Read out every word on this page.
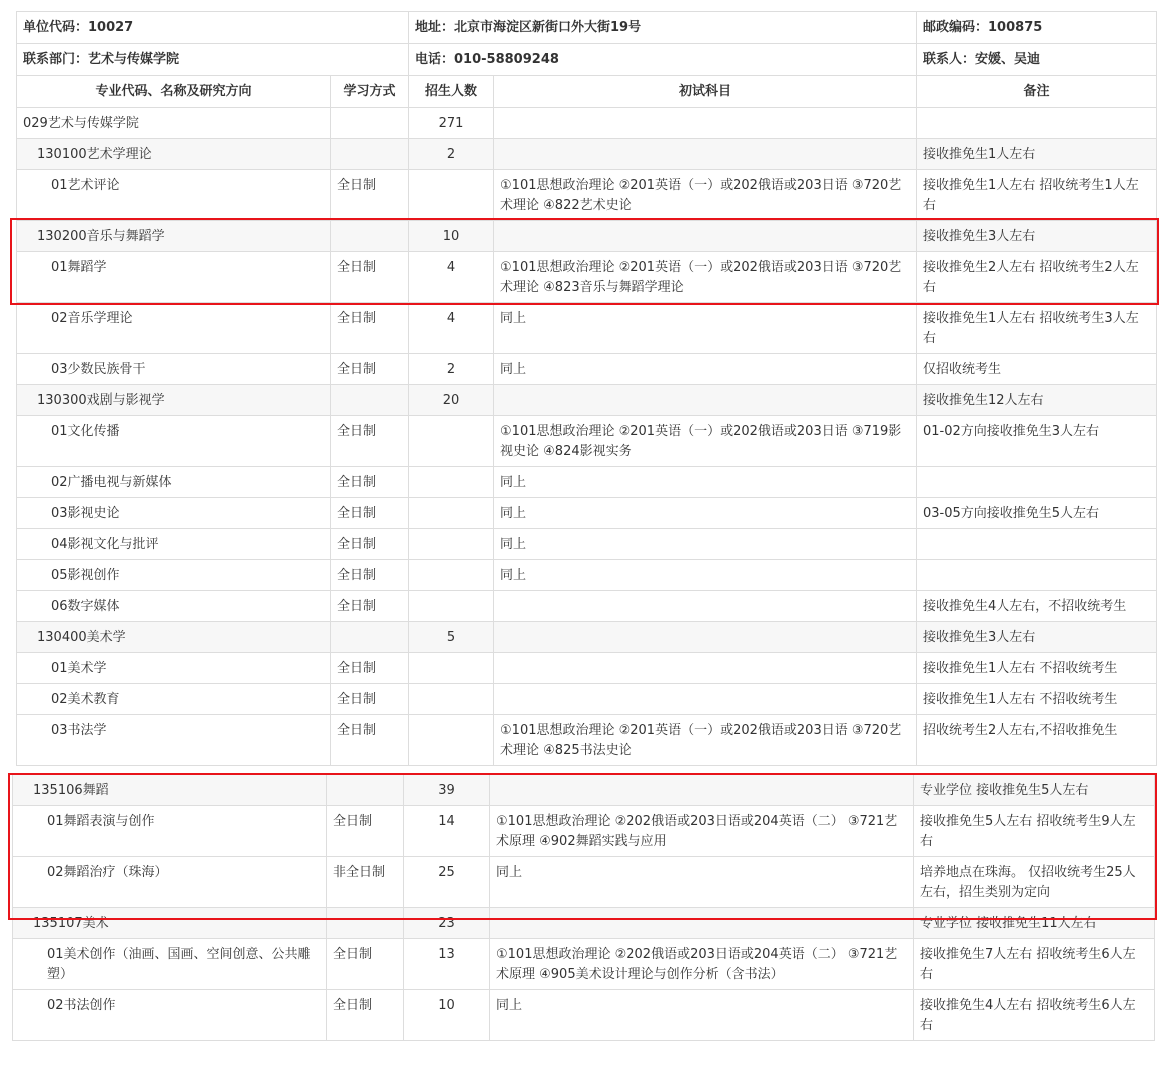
单位代码：10027		地址：北京市海淀区新街口外大街19号		邮政编码：100875
联系部门：艺术与传媒学院		电话：010-58809248		联系人：安媛、吴迪
专业代码、名称及研究方向	学习方式	招生人数	初试科目	备注
029艺术与传媒学院		271		
130100艺术学理论		2		接收推免生1人左右
01艺术评论	全日制		①101思想政治理论 ②201英语（一）或202俄语或203日语 ③720艺术理论 ④822艺术史论	接收推免生1人左右 招收统考生1人左右
130200音乐与舞蹈学		10		接收推免生3人左右
01舞蹈学	全日制	4	①101思想政治理论 ②201英语（一）或202俄语或203日语 ③720艺术理论 ④823音乐与舞蹈学理论	接收推免生2人左右 招收统考生2人左右
02音乐学理论	全日制	4	同上	接收推免生1人左右 招收统考生3人左右
03少数民族骨干	全日制	2	同上	仅招收统考生
130300戏剧与影视学		20		接收推免生12人左右
01文化传播	全日制		①101思想政治理论 ②201英语（一）或202俄语或203日语 ③719影视史论 ④824影视实务	01-02方向接收推免生3人左右
02广播电视与新媒体	全日制		同上	
03影视史论	全日制		同上	03-05方向接收推免生5人左右
04影视文化与批评	全日制		同上	
05影视创作	全日制		同上	
06数字媒体	全日制			接收推免生4人左右，不招收统考生
130400美术学		5		接收推免生3人左右
01美术学	全日制			接收推免生1人左右 不招收统考生
02美术教育	全日制			接收推免生1人左右 不招收统考生
03书法学	全日制		①101思想政治理论 ②201英语（一）或202俄语或203日语 ③720艺术理论 ④825书法史论	招收统考生2人左右,不招收推免生
135106舞蹈		39		专业学位 接收推免生5人左右
01舞蹈表演与创作	全日制	14	①101思想政治理论 ②202俄语或203日语或204英语（二） ③721艺术原理 ④902舞蹈实践与应用	接收推免生5人左右 招收统考生9人左右
02舞蹈治疗（珠海）	非全日制	25	同上	培养地点在珠海。 仅招收统考生25人左右，招生类别为定向
135107美术		23		专业学位 接收推免生11人左右
01美术创作（油画、国画、空间创意、公共雕塑）	全日制	13	①101思想政治理论 ②202俄语或203日语或204英语（二） ③721艺术原理 ④905美术设计理论与创作分析（含书法）	接收推免生7人左右 招收统考生6人左右
02书法创作	全日制	10	同上	接收推免生4人左右 招收统考生6人左右
